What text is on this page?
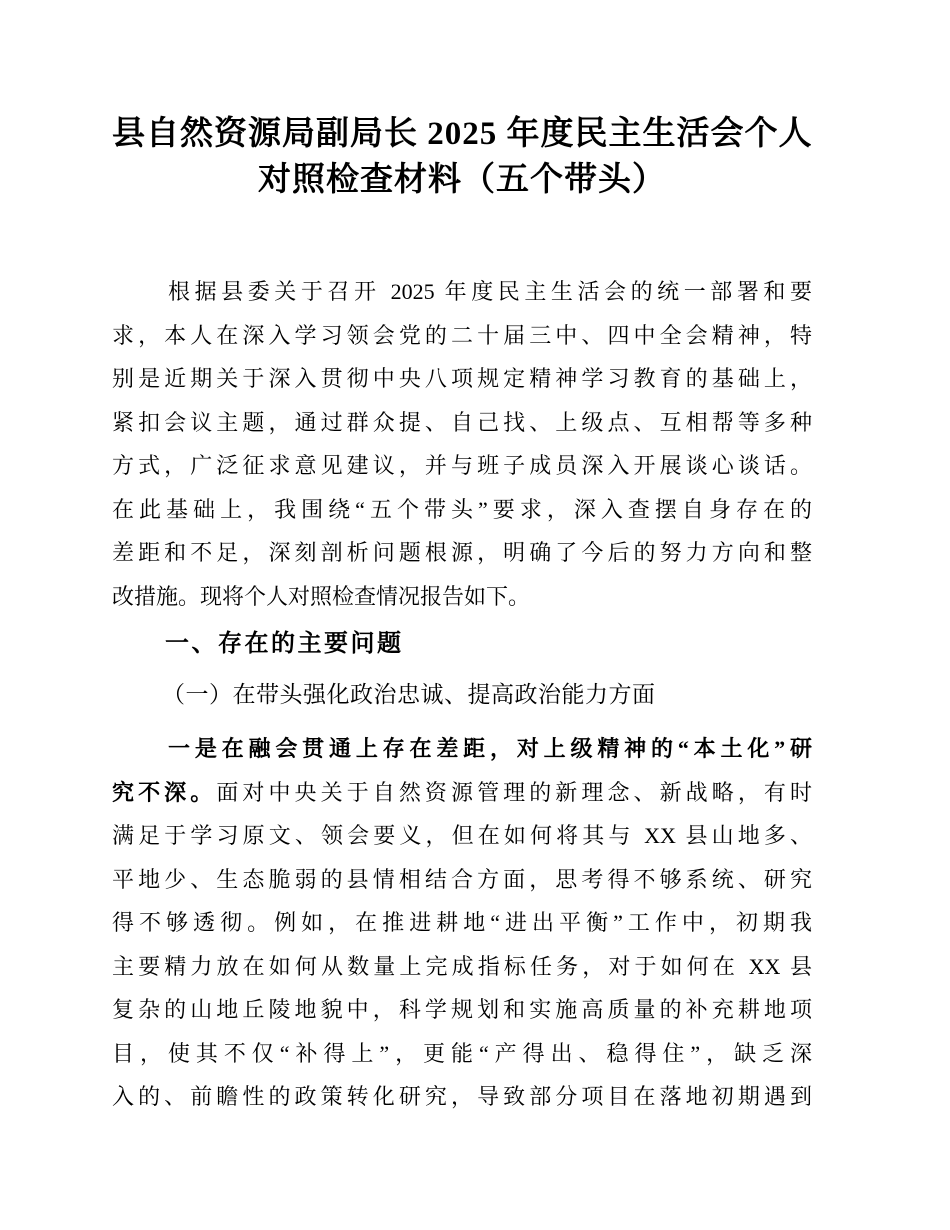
县自然资源局副局长 2025 年度民主生活会个人
对照检查材料（五个带头）
根据县委关于召开 2025 年度民主生活会的统一部署和要
求，本人在深入学习领会党的二十届三中、四中全会精神，特
别是近期关于深入贯彻中央八项规定精神学习教育的基础上，
紧扣会议主题，通过群众提、自己找、上级点、互相帮等多种
方式，广泛征求意见建议，并与班子成员深入开展谈心谈话。
在此基础上，我围绕“五个带头”要求，深入查摆自身存在的
差距和不足，深刻剖析问题根源，明确了今后的努力方向和整
改措施。现将个人对照检查情况报告如下。
一、存在的主要问题
（一）在带头强化政治忠诚、提高政治能力方面
一是在融会贯通上存在差距，对上级精神的“本土化”研
究不深。面对中央关于自然资源管理的新理念、新战略，有时
满足于学习原文、领会要义，但在如何将其与 XX 县山地多、
平地少、生态脆弱的县情相结合方面，思考得不够系统、研究
得不够透彻。例如，在推进耕地“进出平衡”工作中，初期我
主要精力放在如何从数量上完成指标任务，对于如何在 XX 县
复杂的山地丘陵地貌中，科学规划和实施高质量的补充耕地项
目，使其不仅“补得上”，更能“产得出、稳得住”，缺乏深
入的、前瞻性的政策转化研究，导致部分项目在落地初期遇到
